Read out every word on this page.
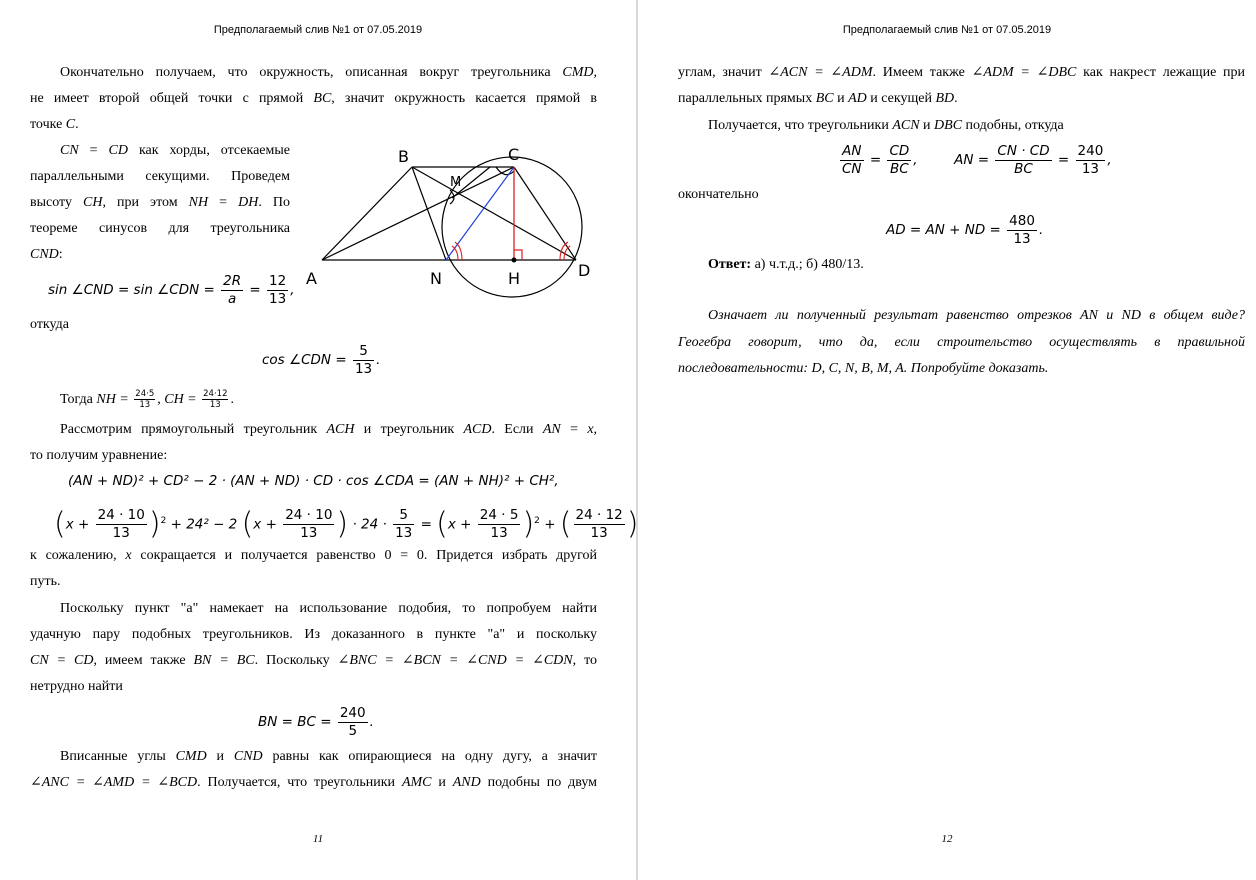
Предполагаемый слив №1 от 07.05.2019
Окончательно получаем, что окружность, описанная вокруг треугольника CMD,
не имеет второй общей точки с прямой BC, значит окружность касается прямой в
точке C.
CN = CD как хорды, отсекаемые
параллельными секущими. Проведем
высоту CH, при этом NH = DH. По
теореме синусов для треугольника
CND:
sin ∠CND = sin ∠CDN = $\frac{2R}{a} = \frac{12}{13}$ ,
откуда
cos ∠CDN = $\frac{5}{13}$ .
Тогда NH = $\frac{24\cdot 5}{13}$ , CH = $\frac{24\cdot 12}{13}$ .
Рассмотрим прямоугольный треугольник ACH и треугольник ACD. Если AN = x,
то получим уравнение:
(AN + ND)² + CD² − 2 · (AN + ND) · CD · cos ∠CDA = (AN + NH)² + CH²,
$(x + \frac{24 \cdot 10}{13} )^2 + 24^2 - 2$ ($x + \frac{24 \cdot 10}{13}$ ) · $24 \cdot \frac{5}{13} = (x + \frac{24 \cdot 5}{13} )^2$ + ( $\frac{24 \cdot 12}{13}$ )
к сожалению, x сокращается и получается равенство 0 = 0. Придется избрать другой
путь.
Поскольку пункт "а" намекает на использование подобия, то попробуем найти
удачную пару подобных треугольников. Из доказанного в пункте "а" и поскольку
CN = CD, имеем также BN = BC. Поскольку ∠BNC = ∠BCN = ∠CND = ∠CDN, то
нетрудно найти
BN = BC = $\frac{240}{5}$ .
Вписанные углы CMD и CND равны как опирающиеся на одну дугу, а значит
∠ANC = ∠AMD = ∠BCD. Получается, что треугольники AMC и AND подобны по двум
11
A
B	C
D
N	H
M
Предполагаемый слив №1 от 07.05.2019
углам, значит ∠ACN = ∠ADM. Имеем также ∠ADM = ∠DBC как накрест лежащие при
параллельных прямых BC и AD и секущей BD.
Получается, что треугольники ACN и DBC подобны, откуда
$\frac{AN}{CN} = \frac{CD}{BC}$ ,  AN = $\frac{CN \cdot CD}{BC} = \frac{240}{13}$ ,
окончательно
AD = AN + ND = $\frac{480}{13}$ .
Ответ: а) ч.т.д.; б) 480/13.
Означает ли полученный результат равенство отрезков AN и ND в общем виде?
Геогебра говорит, что да, если строительство осуществлять в правильной
последовательности: D, C, N, B, M, A. Попробуйте доказать.
12
